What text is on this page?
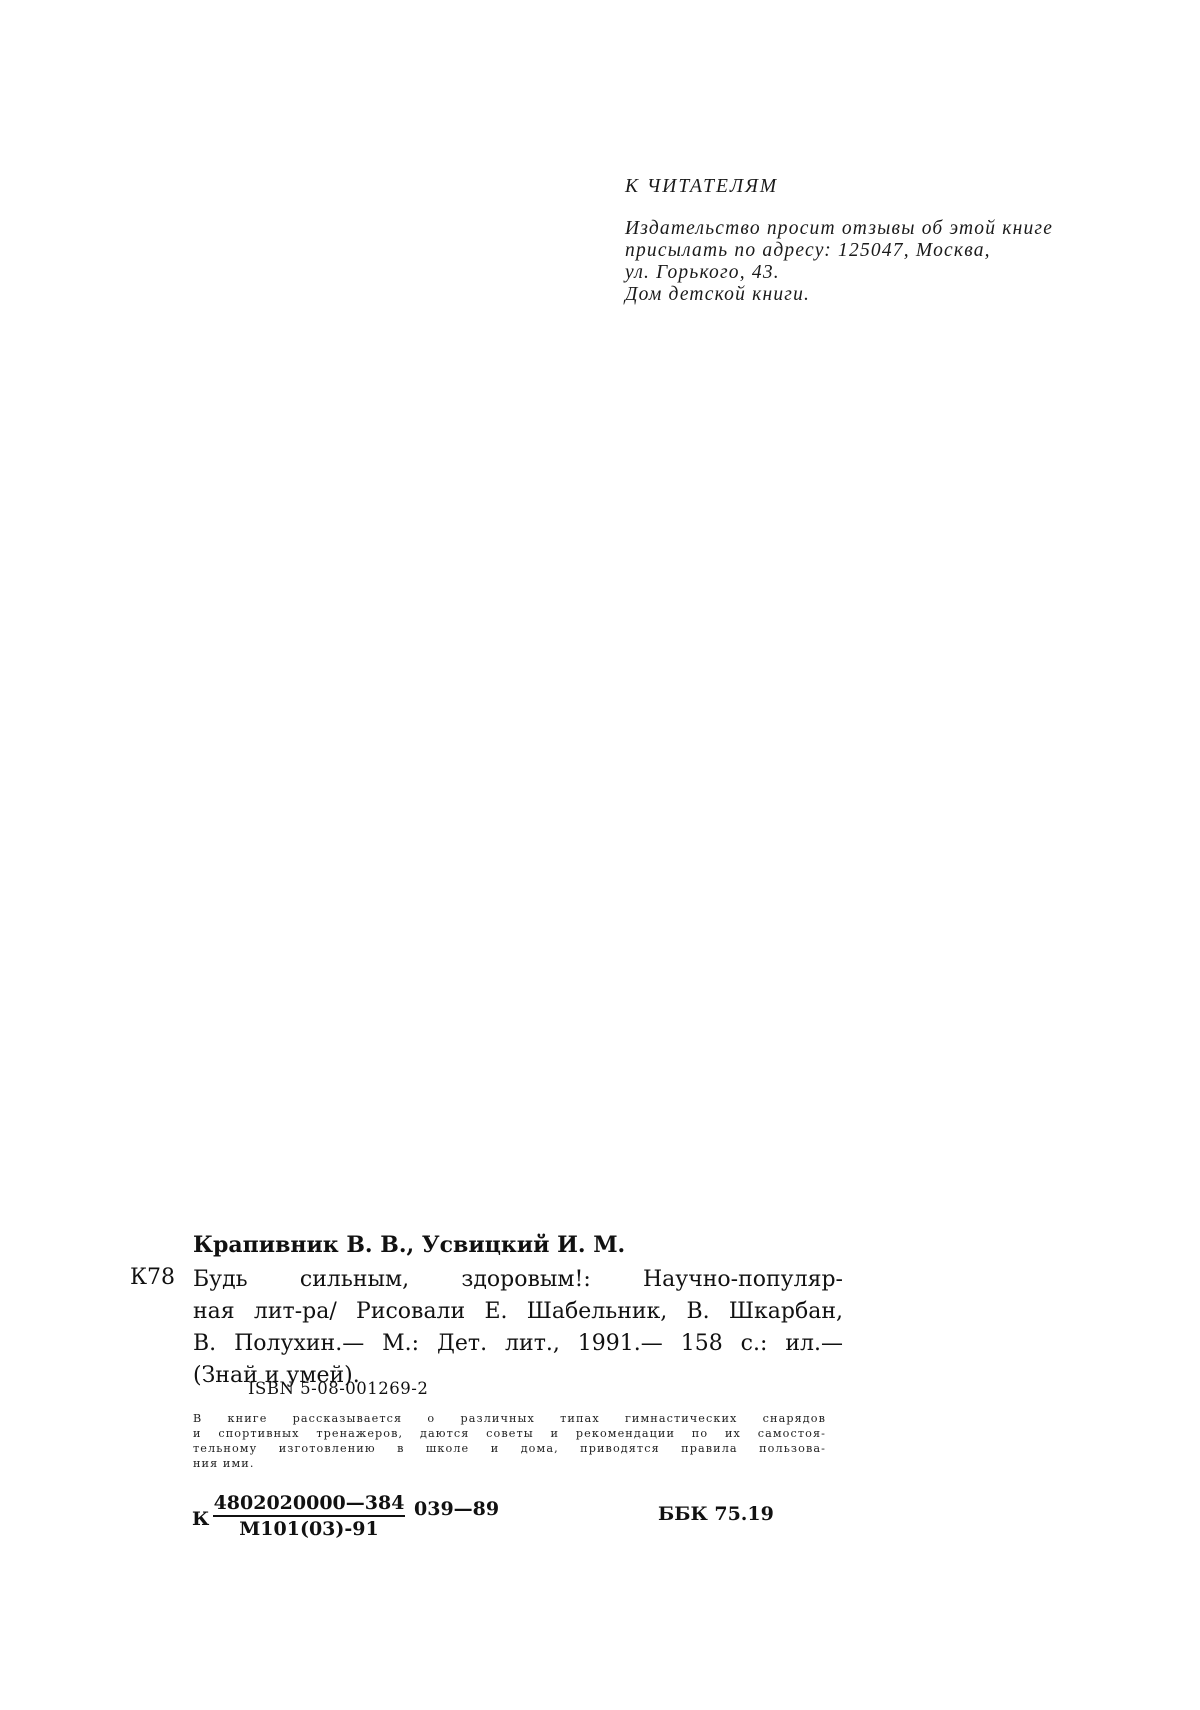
К ЧИТАТЕЛЯМ
Издательство просит отзывы об этой книге
присылать по адресу: 125047, Москва,
ул. Горького, 43.
Дом детской книги.
Крапивник В. В., Усвицкий И. М.
К78 Будь сильным, здоровым!: Научно-популяр-
ная лит-ра/ Рисовали Е. Шабельник, В. Шкарбан,
В. Полухин.— М.: Дет. лит., 1991.— 158 с.: ил.—
(Знай и умей).
ISBN 5-08-001269-2
В книге рассказывается о различных типах гимнастических снарядов
и спортивных тренажеров, даются советы и рекомендации по их самостоя-
тельному изготовлению в школе и дома, приводятся правила пользова-
ния ими.
К
4802020000—384
М101(03)-91
039—89	ББК 75.19
